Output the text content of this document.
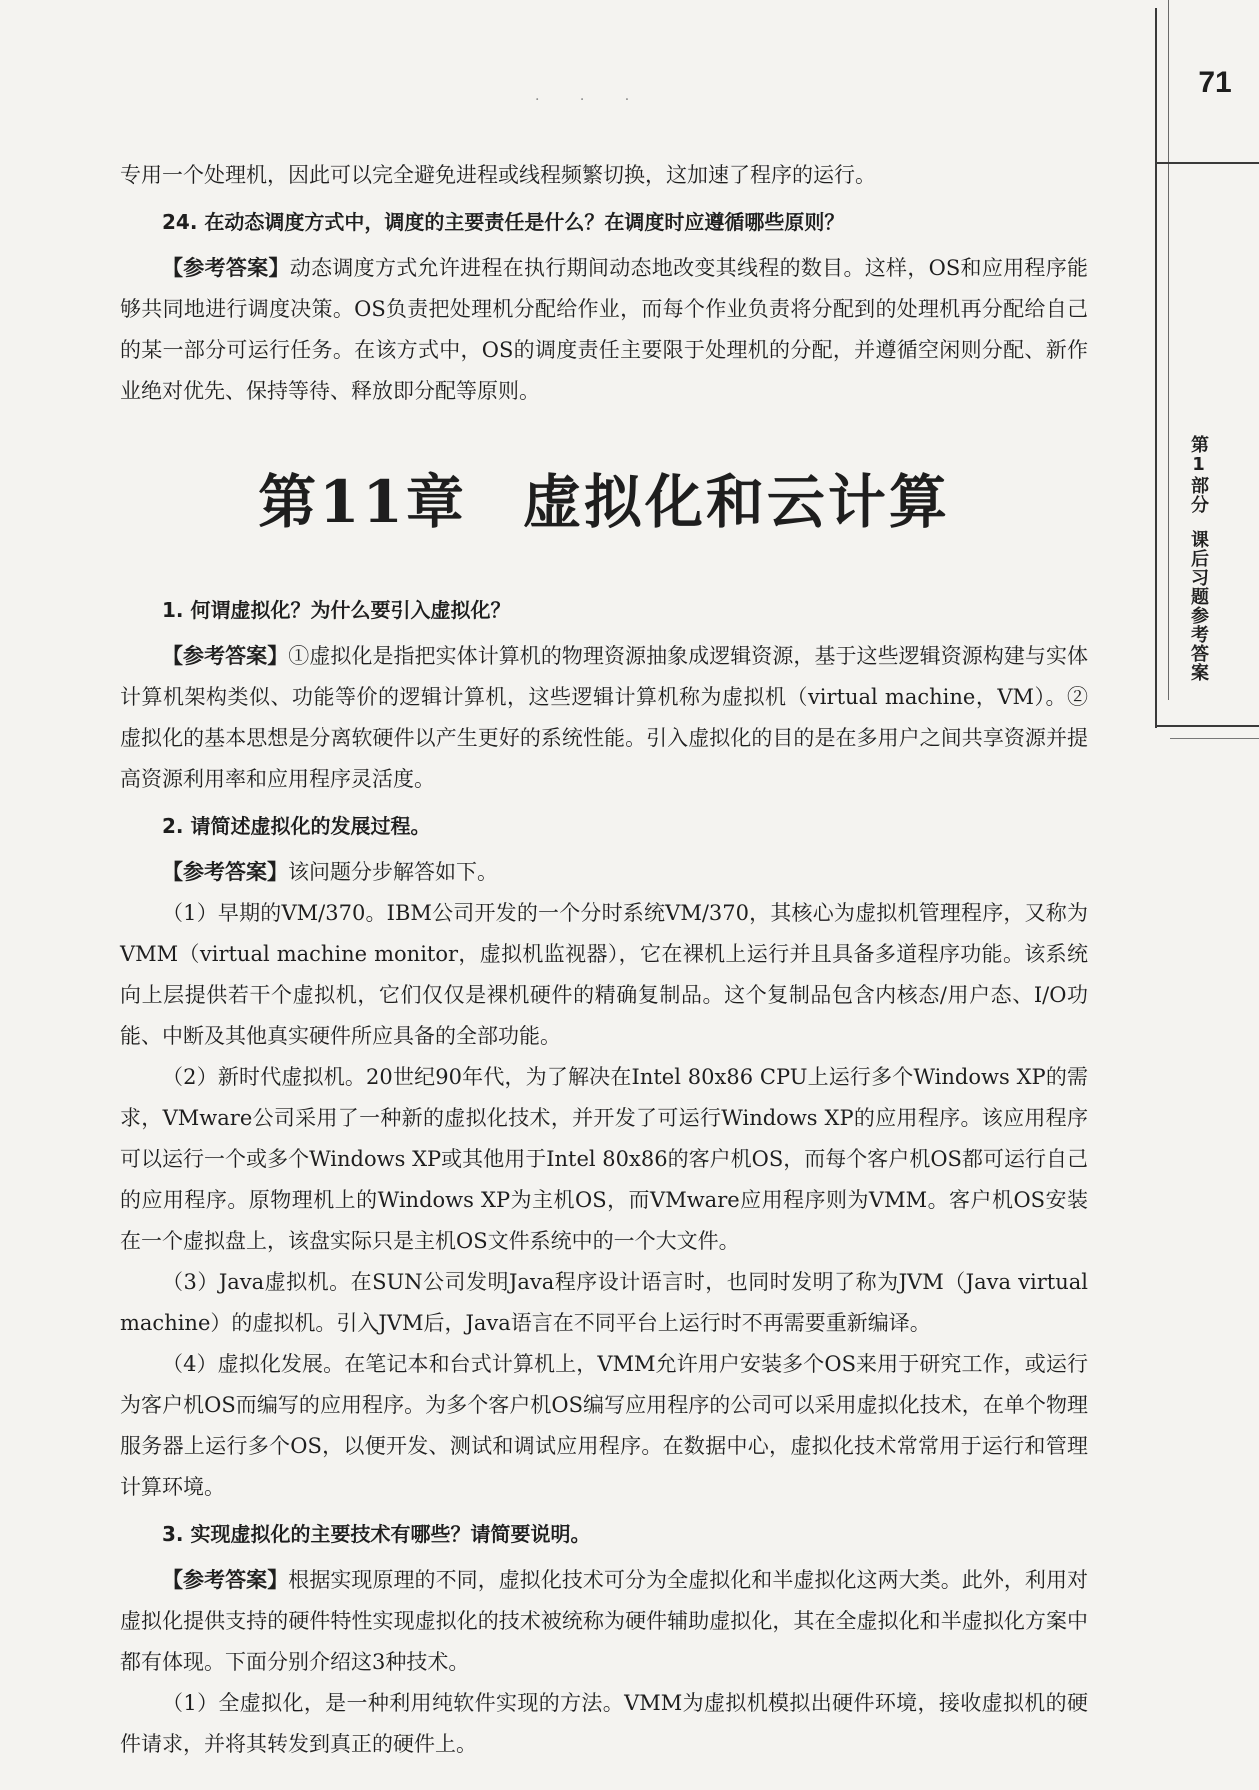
71
第1部分课后习题参考答案
· · ·

专用一个处理机，因此可以完全避免进程或线程频繁切换，这加速了程序的运行。

24. 在动态调度方式中，调度的主要责任是什么？在调度时应遵循哪些原则？

【参考答案】动态调度方式允许进程在执行期间动态地改变其线程的数目。这样，OS和应用程序能够共同地进行调度决策。OS负责把处理机分配给作业，而每个作业负责将分配到的处理机再分配给自己的某一部分可运行任务。在该方式中，OS的调度责任主要限于处理机的分配，并遵循空闲则分配、新作业绝对优先、保持等待、释放即分配等原则。

第11章 虚拟化和云计算
1. 何谓虚拟化？为什么要引入虚拟化？

【参考答案】①虚拟化是指把实体计算机的物理资源抽象成逻辑资源，基于这些逻辑资源构建与实体计算机架构类似、功能等价的逻辑计算机，这些逻辑计算机称为虚拟机（virtual machine，VM）。②虚拟化的基本思想是分离软硬件以产生更好的系统性能。引入虚拟化的目的是在多用户之间共享资源并提高资源利用率和应用程序灵活度。

2. 请简述虚拟化的发展过程。

【参考答案】该问题分步解答如下。

（1）早期的VM/370。IBM公司开发的一个分时系统VM/370，其核心为虚拟机管理程序，又称为VMM（virtual machine monitor，虚拟机监视器），它在裸机上运行并且具备多道程序功能。该系统向上层提供若干个虚拟机，它们仅仅是裸机硬件的精确复制品。这个复制品包含内核态/用户态、I/O功能、中断及其他真实硬件所应具备的全部功能。

（2）新时代虚拟机。20世纪90年代，为了解决在Intel 80x86 CPU上运行多个Windows XP的需求，VMware公司采用了一种新的虚拟化技术，并开发了可运行Windows XP的应用程序。该应用程序可以运行一个或多个Windows XP或其他用于Intel 80x86的客户机OS，而每个客户机OS都可运行自己的应用程序。原物理机上的Windows XP为主机OS，而VMware应用程序则为VMM。客户机OS安装在一个虚拟盘上，该盘实际只是主机OS文件系统中的一个大文件。

（3）Java虚拟机。在SUN公司发明Java程序设计语言时，也同时发明了称为JVM（Java virtual machine）的虚拟机。引入JVM后，Java语言在不同平台上运行时不再需要重新编译。

（4）虚拟化发展。在笔记本和台式计算机上，VMM允许用户安装多个OS来用于研究工作，或运行为客户机OS而编写的应用程序。为多个客户机OS编写应用程序的公司可以采用虚拟化技术，在单个物理服务器上运行多个OS，以便开发、测试和调试应用程序。在数据中心，虚拟化技术常常用于运行和管理计算环境。

3. 实现虚拟化的主要技术有哪些？请简要说明。

【参考答案】根据实现原理的不同，虚拟化技术可分为全虚拟化和半虚拟化这两大类。此外，利用对虚拟化提供支持的硬件特性实现虚拟化的技术被统称为硬件辅助虚拟化，其在全虚拟化和半虚拟化方案中都有体现。下面分别介绍这3种技术。

（1）全虚拟化，是一种利用纯软件实现的方法。VMM为虚拟机模拟出硬件环境，接收虚拟机的硬件请求，并将其转发到真正的硬件上。
